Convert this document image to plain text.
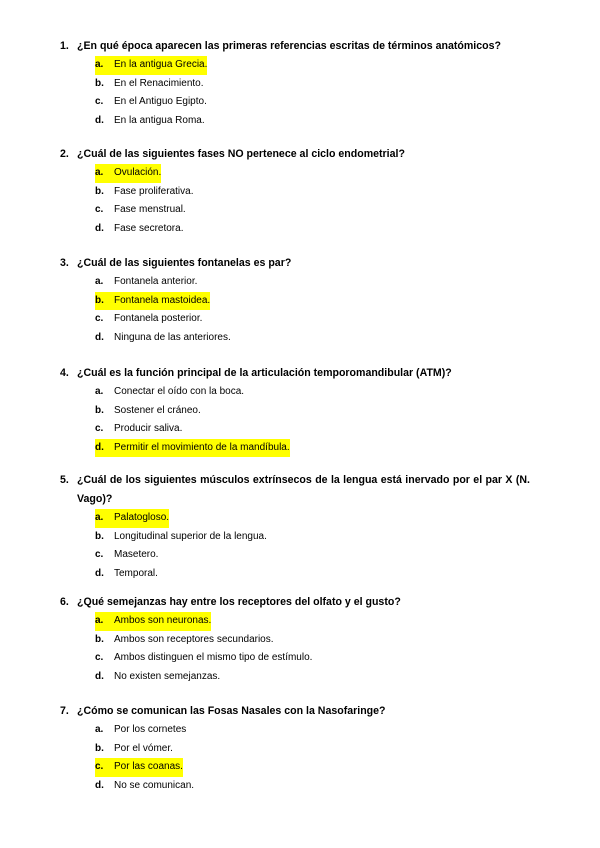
1. ¿En qué época aparecen las primeras referencias escritas de términos anatómicos?
a.	En la antigua Grecia.
b.	En el Renacimiento.
c.	En el Antiguo Egipto.
d.	En la antigua Roma.
2. ¿Cuál de las siguientes fases NO pertenece al ciclo endometrial?
a.	Ovulación.
b.	Fase proliferativa.
c.	Fase menstrual.
d.	Fase secretora.
3. ¿Cuál de las siguientes fontanelas es par?
a.	Fontanela anterior.
b.	Fontanela mastoidea.
c.	Fontanela posterior.
d.	Ninguna de las anteriores.
4. ¿Cuál es la función principal de la articulación temporomandibular (ATM)?
a.	Conectar el oído con la boca.
b.	Sostener el cráneo.
c.	Producir saliva.
d.	Permitir el movimiento de la mandíbula.
5. ¿Cuál de los siguientes músculos extrínsecos de la lengua está inervado por el par X (N. Vago)?
a.	Palatogloso.
b.	Longitudinal superior de la lengua.
c.	Masetero.
d.	Temporal.
6. ¿Qué semejanzas hay entre los receptores del olfato y el gusto?
a.	Ambos son neuronas.
b.	Ambos son receptores secundarios.
c.	Ambos distinguen el mismo tipo de estímulo.
d.	No existen semejanzas.
7. ¿Cómo se comunican las Fosas Nasales con la Nasofaringe?
a.	Por los cornetes
b.	Por el vómer.
c.	Por las coanas.
d.	No se comunican.
